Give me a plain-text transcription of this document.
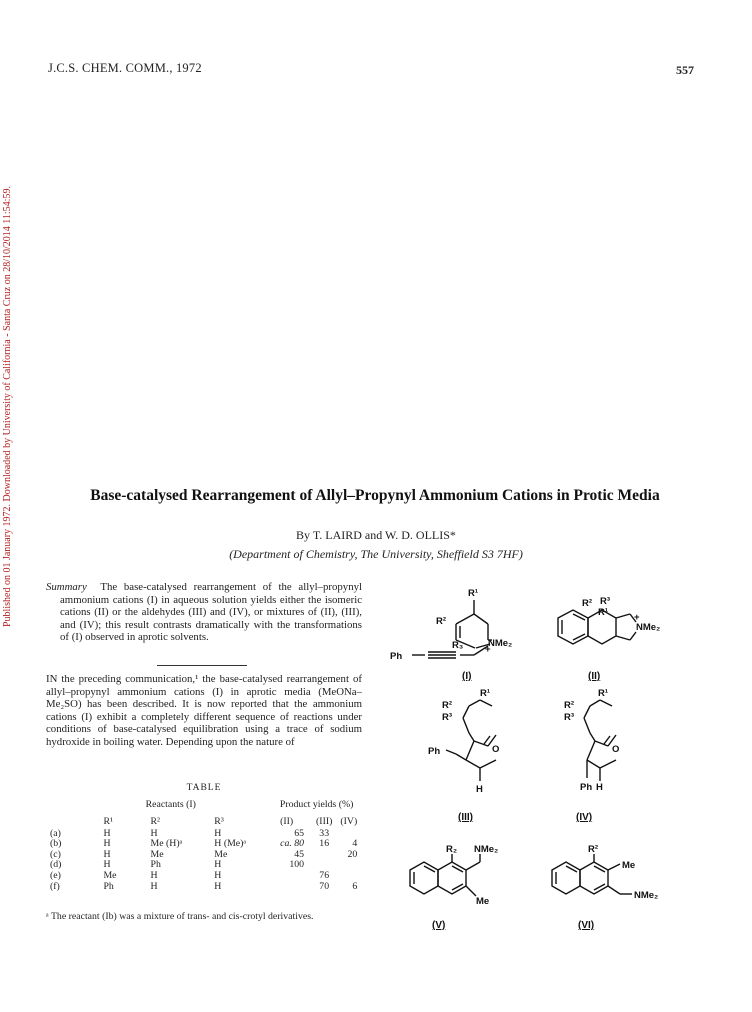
J.C.S. CHEM. COMM., 1972	557
Published on 01 January 1972. Downloaded by University of California - Santa Cruz on 28/10/2014 11:54:59.	Base-catalysed Rearrangement of Allyl–Propynyl Ammonium Cations in Protic Media
By T. LAIRD and W. D. OLLIS*
(Department of Chemistry, The University, Sheffield S3 7HF)

Summary The base-catalysed rearrangement of the allyl–propynyl ammonium cations (I) in aqueous solution yields either the isomeric cations (II) or the aldehydes (III) and (IV), or mixtures of (II), (III), and (IV); this result contrasts dramatically with the transformations of (I) observed in aprotic solvents.

IN the preceding communication,¹ the base-catalysed rearrangement of allyl–propynyl ammonium cations (I) in aprotic media (MeONa–Me₂SO) has been described. It is now reported that the ammonium cations (I) exhibit a completely different sequence of reactions under conditions of base-catalysed equilibration using a trace of sodium hydroxide in boiling water. Depending upon the nature of

TABLE
	Reactants (I)			Product yields (%)		
	R¹	R²	R³	(II)	(III)	(IV)
(a)	H	H	H	65	33	
(b)	H	Me (H)ᵃ	H (Me)ᵃ	ca. 80	16	4
(c)	H	Me	Me	45		20
(d)	H	Ph	H	100		
(e)	Me	H	H		76	
(f)	Ph	H	H		70	6
ᵃ The reactant (Ib) was a mixture of trans- and cis-crotyl derivatives.
R¹
R²
R₃	NMe₂
Ph
+
(I)
R² R³
R¹
NMe₂
+
(II)
R¹
R²
R³
Ph	O
H
(III)
R¹
R²
R³
O
Ph H
(IV)
R₂ NMe₂
Me
(V)
R²
Me
NMe₂
(VI)
